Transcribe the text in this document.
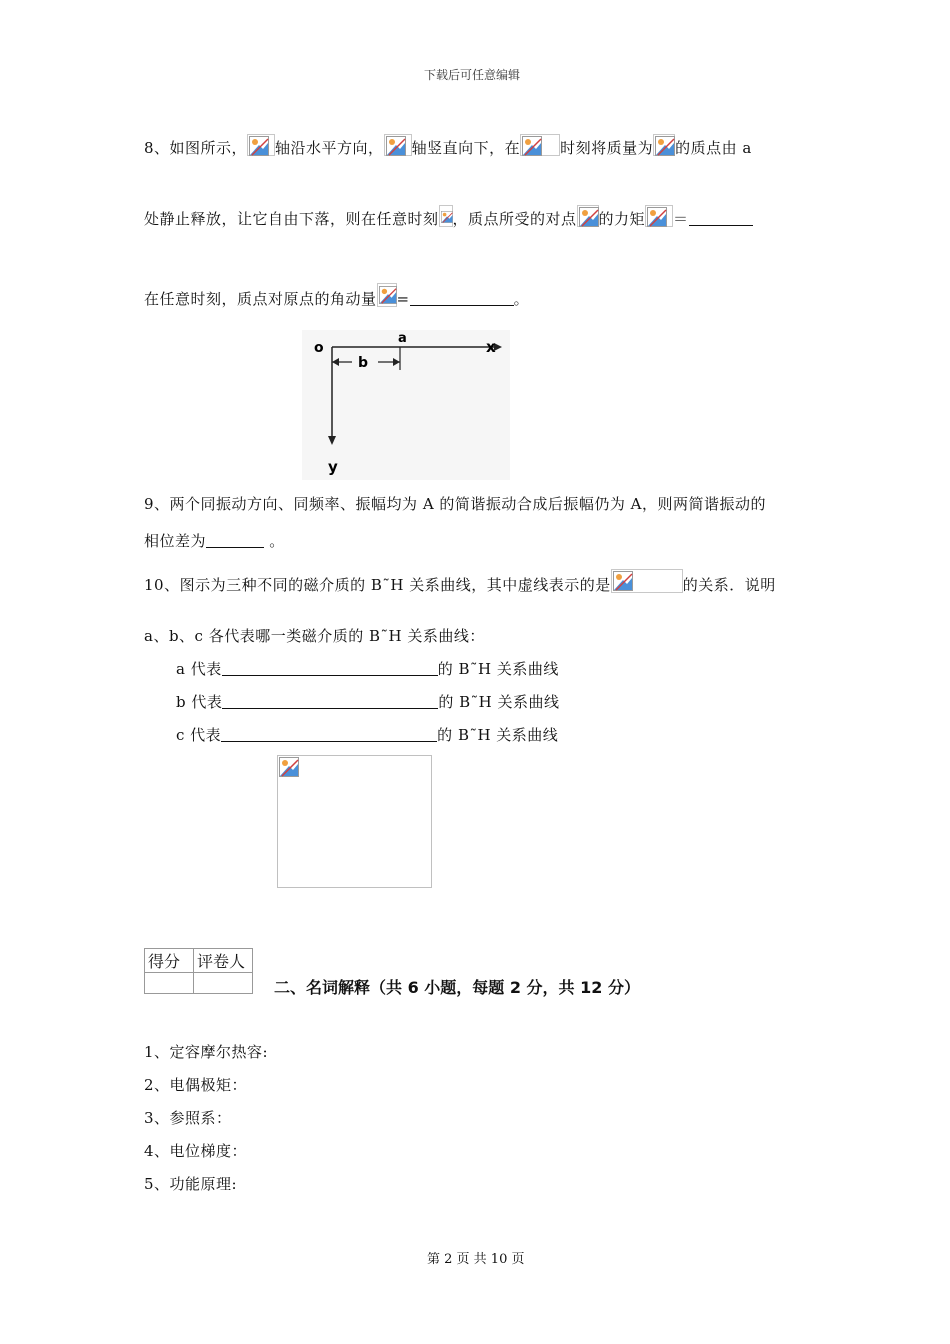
下载后可任意编辑
8、如图所示， 轴沿水平方向， 轴竖直向下，在	时刻将质量为 的质点由 a
处静止释放，让它自由下落，则在任意时刻 ，质点所受的对点 的力矩 ＝
在任意时刻，质点对原点的角动量 =	。
o	x
a
y
b
9、两个同振动方向、同频率、振幅均为 A 的简谐振动合成后振幅仍为 A，则两简谐振动的
相位差为	。
10、图示为三种不同的磁介质的 B˜H 关系曲线，其中虚线表示的是	的关系．说明
a、b、c 各代表哪一类磁介质的 B˜H 关系曲线：
a 代表	的 B˜H 关系曲线
b 代表	的 B˜H 关系曲线
c 代表	的 B˜H 关系曲线
得分	评卷人

二、名词解释（共 6 小题，每题 2 分，共 12 分）
1、定容摩尔热容:
2、电偶极矩：
3、参照系：
4、电位梯度：
5、功能原理:
第 2 页 共 10 页
